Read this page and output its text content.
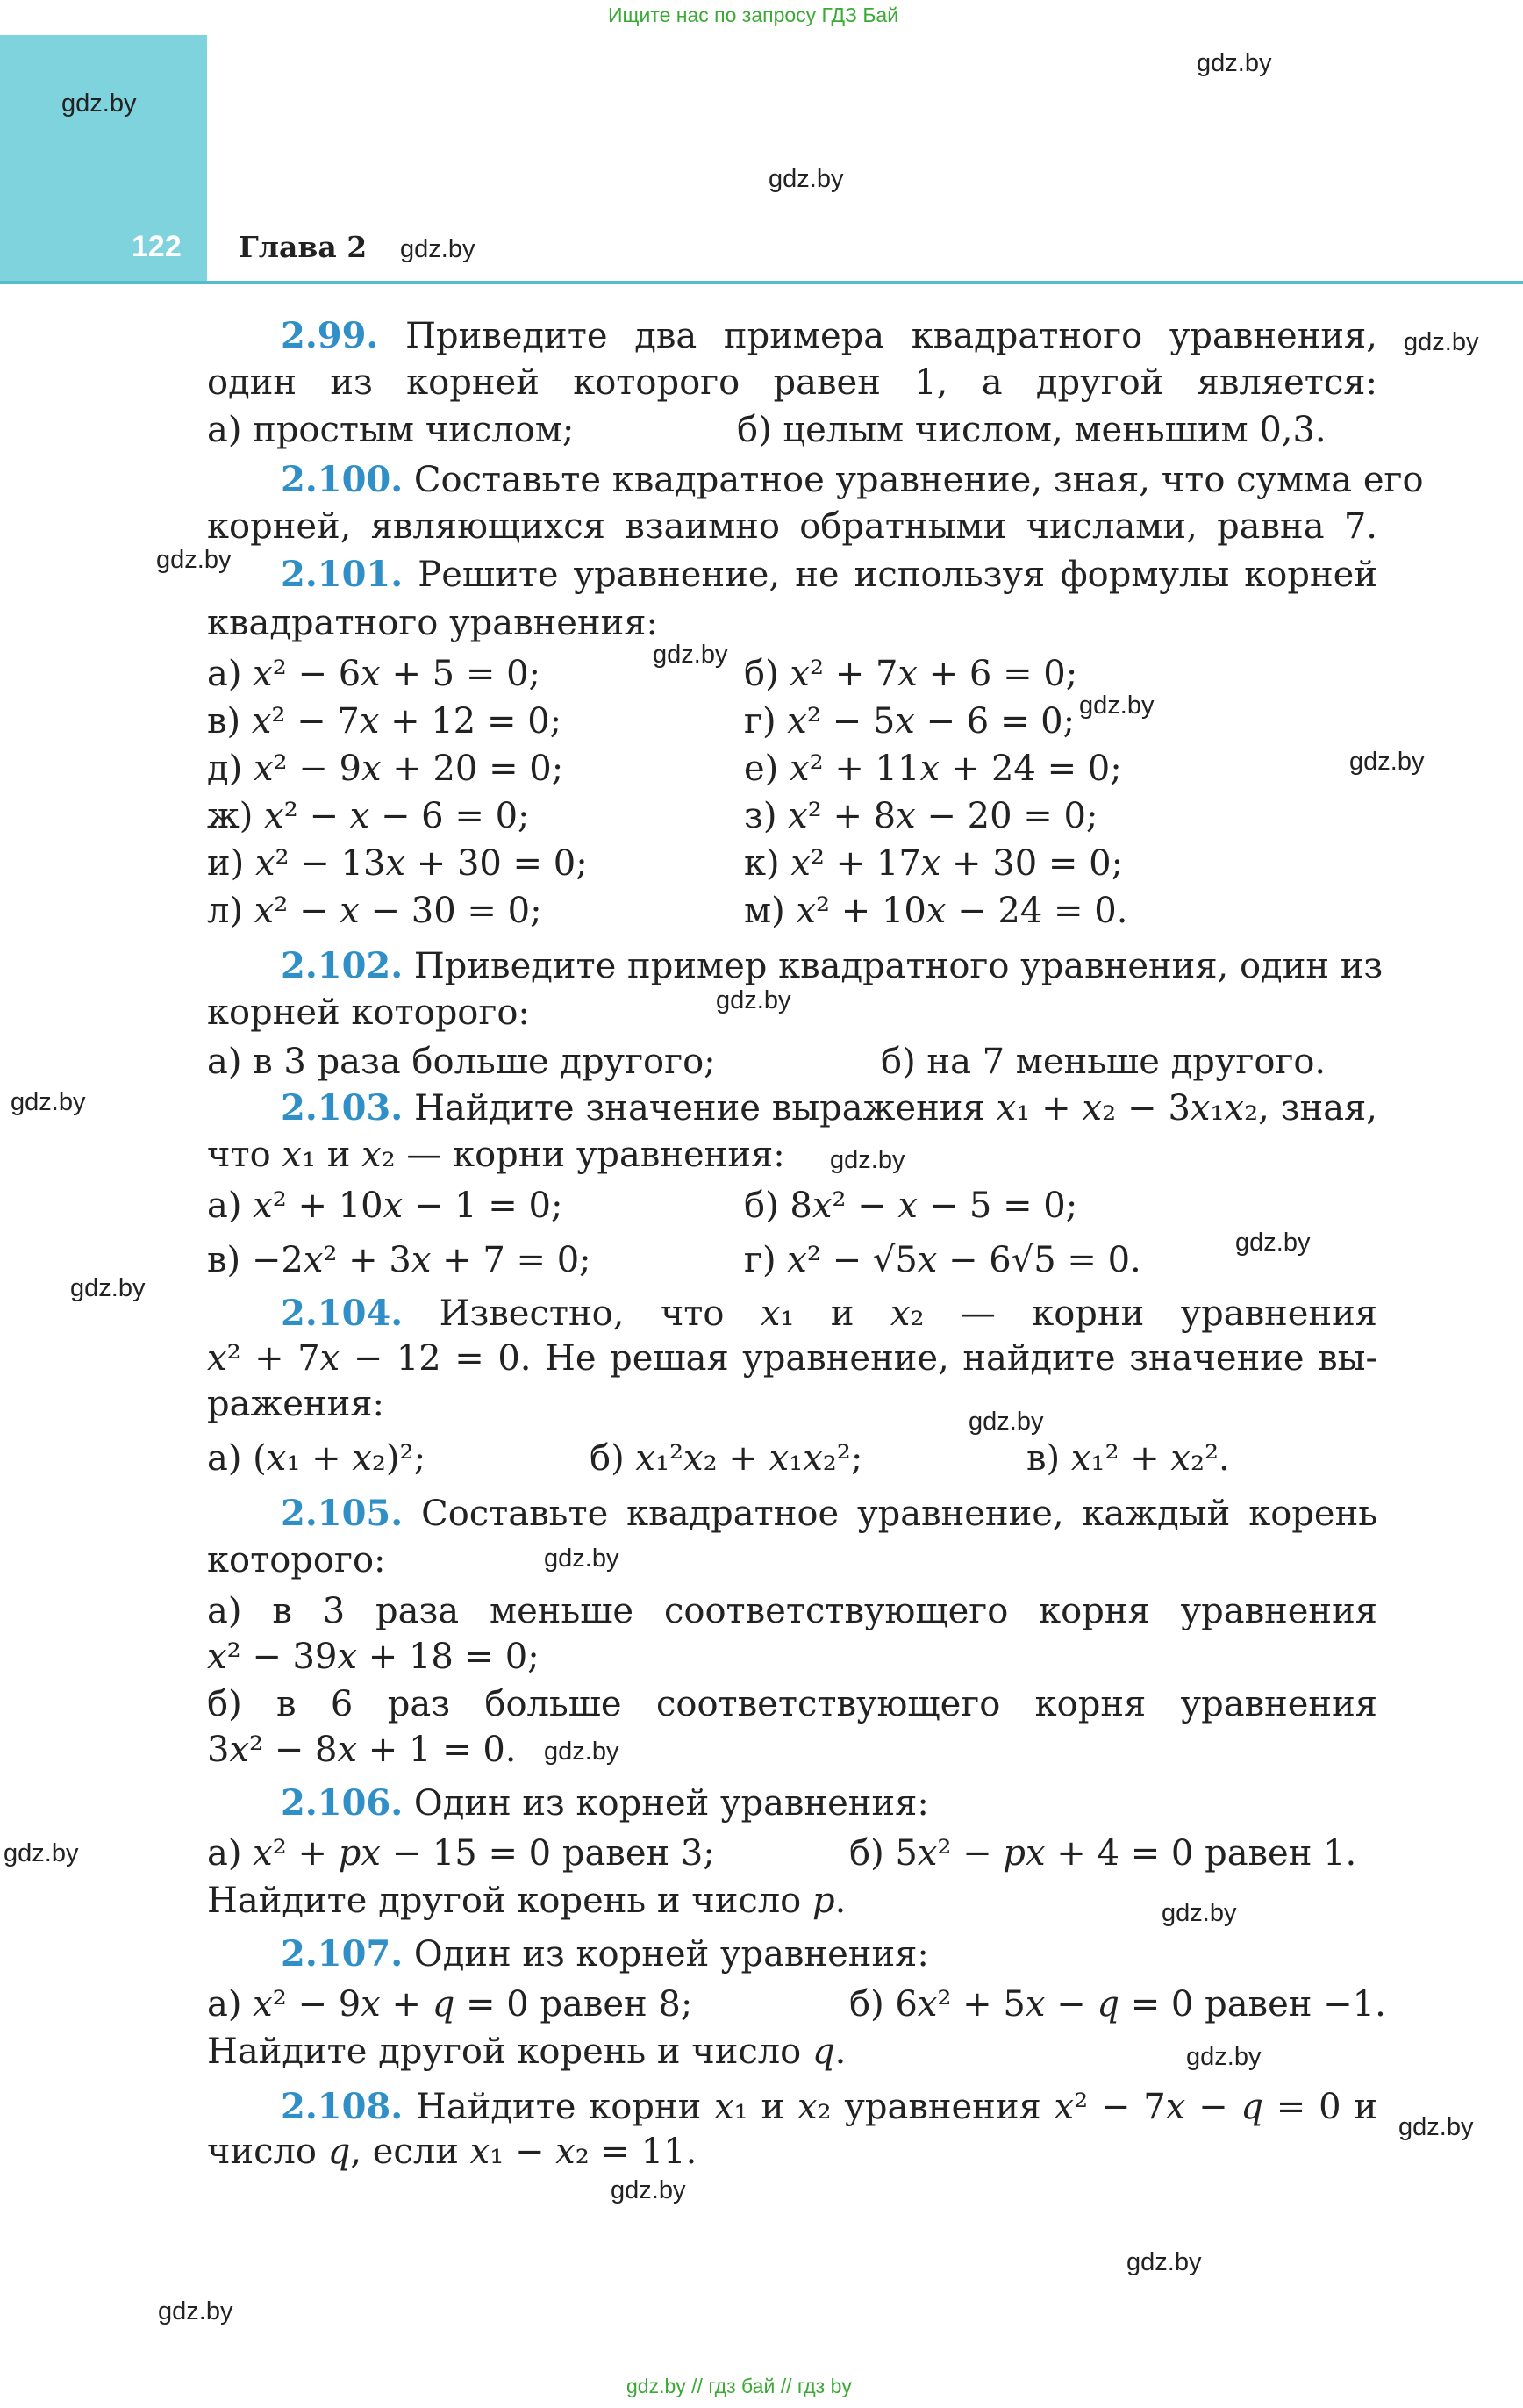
Ищите нас по запросу ГДЗ Бай
122 Глава 2
gdz.by
gdz.by
gdz.by
gdz.by
gdz.by
gdz.by
gdz.by
gdz.by
gdz.by
gdz.by
gdz.by
gdz.by
gdz.by
gdz.by
gdz.by
gdz.by
gdz.by
gdz.by
gdz.by
gdz.by
gdz.by
gdz.by
gdz.by
gdz.by
2.99. Приведите два примера квадратного уравнения,
один из корней которого равен 1, а другой является:
а) простым числом;	б) целым числом, меньшим 0,3.
2.100. Составьте квадратное уравнение, зная, что сумма его
корней, являющихся взаимно обратными числами, равна 7.
2.101. Решите уравнение, не используя формулы корней
квадратного уравнения:
а) x² − 6x + 5 = 0;	б) x² + 7x + 6 = 0;
в) x² − 7x + 12 = 0;	г) x² − 5x − 6 = 0;
д) x² − 9x + 20 = 0;	е) x² + 11x + 24 = 0;
ж) x² − x − 6 = 0;	з) x² + 8x − 20 = 0;
и) x² − 13x + 30 = 0;	к) x² + 17x + 30 = 0;
л) x² − x − 30 = 0;	м) x² + 10x − 24 = 0.
2.102. Приведите пример квадратного уравнения, один из
корней которого:
а) в 3 раза больше другого;	б) на 7 меньше другого.
2.103. Найдите значение выражения x₁ + x₂ − 3x₁x₂, зная,
что x₁ и x₂ — корни уравнения:
а) x² + 10x − 1 = 0;	б) 8x² − x − 5 = 0;
в) −2x² + 3x + 7 = 0;	г) x² − √5x − 6√5 = 0.
2.104. Известно, что x₁ и x₂ — корни уравнения
x² + 7x − 12 = 0. Не решая уравнение, найдите значение вы-
ражения:
а) (x₁ + x₂)²;	б) x₁²x₂ + x₁x₂²;	в) x₁² + x₂².
2.105. Составьте квадратное уравнение, каждый корень
которого:
а) в 3 раза меньше соответствующего корня уравнения
x² − 39x + 18 = 0;
б) в 6 раз больше соответствующего корня уравнения
3x² − 8x + 1 = 0.
2.106. Один из корней уравнения:
а) x² + px − 15 = 0 равен 3;	б) 5x² − px + 4 = 0 равен 1.
Найдите другой корень и число p.
2.107. Один из корней уравнения:
а) x² − 9x + q = 0 равен 8;	б) 6x² + 5x − q = 0 равен −1.
Найдите другой корень и число q.
2.108. Найдите корни x₁ и x₂ уравнения x² − 7x − q = 0 и
число q, если x₁ − x₂ = 11.
gdz.by // гдз бай // гдз by
